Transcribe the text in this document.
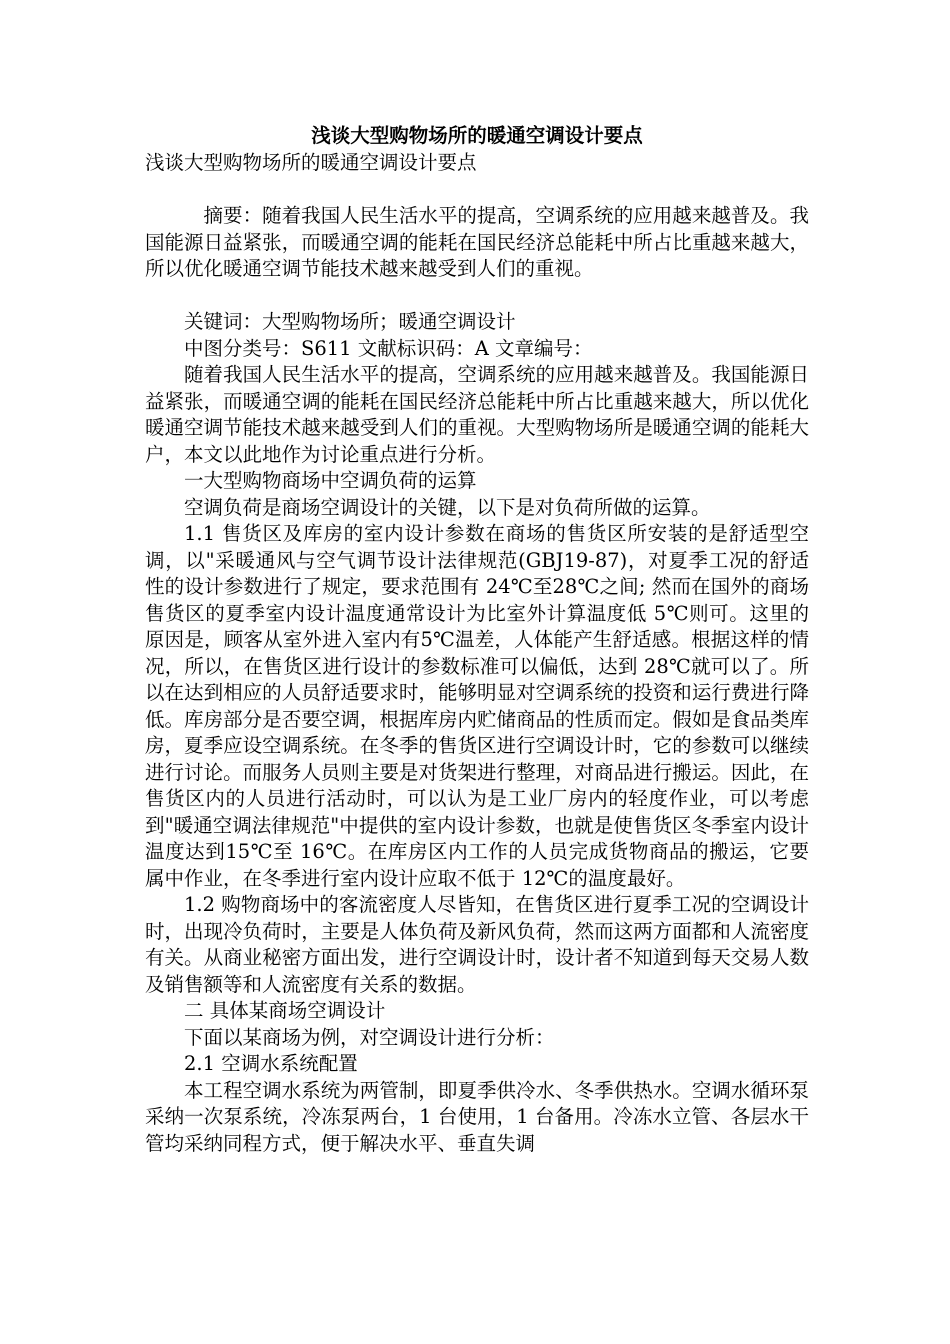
浅谈大型购物场所的暖通空调设计要点

浅谈大型购物场所的暖通空调设计要点

摘要：随着我国人民生活水平的提高，空调系统的应用越来越普及。我国能源日益紧张，而暖通空调的能耗在国民经济总能耗中所占比重越来越大，所以优化暖通空调节能技术越来越受到人们的重视。

关键词：大型购物场所；暖通空调设计

中图分类号：S611 文献标识码：A 文章编号：

随着我国人民生活水平的提高，空调系统的应用越来越普及。我国能源日益紧张，而暖通空调的能耗在国民经济总能耗中所占比重越来越大，所以优化暖通空调节能技术越来越受到人们的重视。大型购物场所是暖通空调的能耗大户，本文以此地作为讨论重点进行分析。

一大型购物商场中空调负荷的运算

空调负荷是商场空调设计的关键，以下是对负荷所做的运算。

1.1 售货区及库房的室内设计参数在商场的售货区所安装的是舒适型空调，以"采暖通风与空气调节设计法律规范(GBJ19-87)，对夏季工况的舒适性的设计参数进行了规定，要求范围有 24℃至28℃之间; 然而在国外的商场售货区的夏季室内设计温度通常设计为比室外计算温度低 5℃则可。这里的原因是，顾客从室外进入室内有5℃温差，人体能产生舒适感。根据这样的情况，所以，在售货区进行设计的参数标准可以偏低，达到 28℃就可以了。所以在达到相应的人员舒适要求时，能够明显对空调系统的投资和运行费进行降低。库房部分是否要空调，根据库房内贮储商品的性质而定。假如是食品类库房，夏季应设空调系统。在冬季的售货区进行空调设计时，它的参数可以继续进行讨论。而服务人员则主要是对货架进行整理，对商品进行搬运。因此，在售货区内的人员进行活动时，可以认为是工业厂房内的轻度作业，可以考虑到"暖通空调法律规范"中提供的室内设计参数，也就是使售货区冬季室内设计温度达到15℃至 16℃。在库房区内工作的人员完成货物商品的搬运，它要属中作业，在冬季进行室内设计应取不低于 12℃的温度最好。

1.2 购物商场中的客流密度人尽皆知，在售货区进行夏季工况的空调设计时，出现冷负荷时，主要是人体负荷及新风负荷，然而这两方面都和人流密度有关。从商业秘密方面出发，进行空调设计时，设计者不知道到每天交易人数及销售额等和人流密度有关系的数据。

二 具体某商场空调设计

下面以某商场为例，对空调设计进行分析：

2.1 空调水系统配置

本工程空调水系统为两管制，即夏季供冷水、冬季供热水。空调水循环泵采纳一次泵系统，冷冻泵两台，1 台使用，1 台备用。冷冻水立管、各层水干管均采纳同程方式，便于解决水平、垂直失调
